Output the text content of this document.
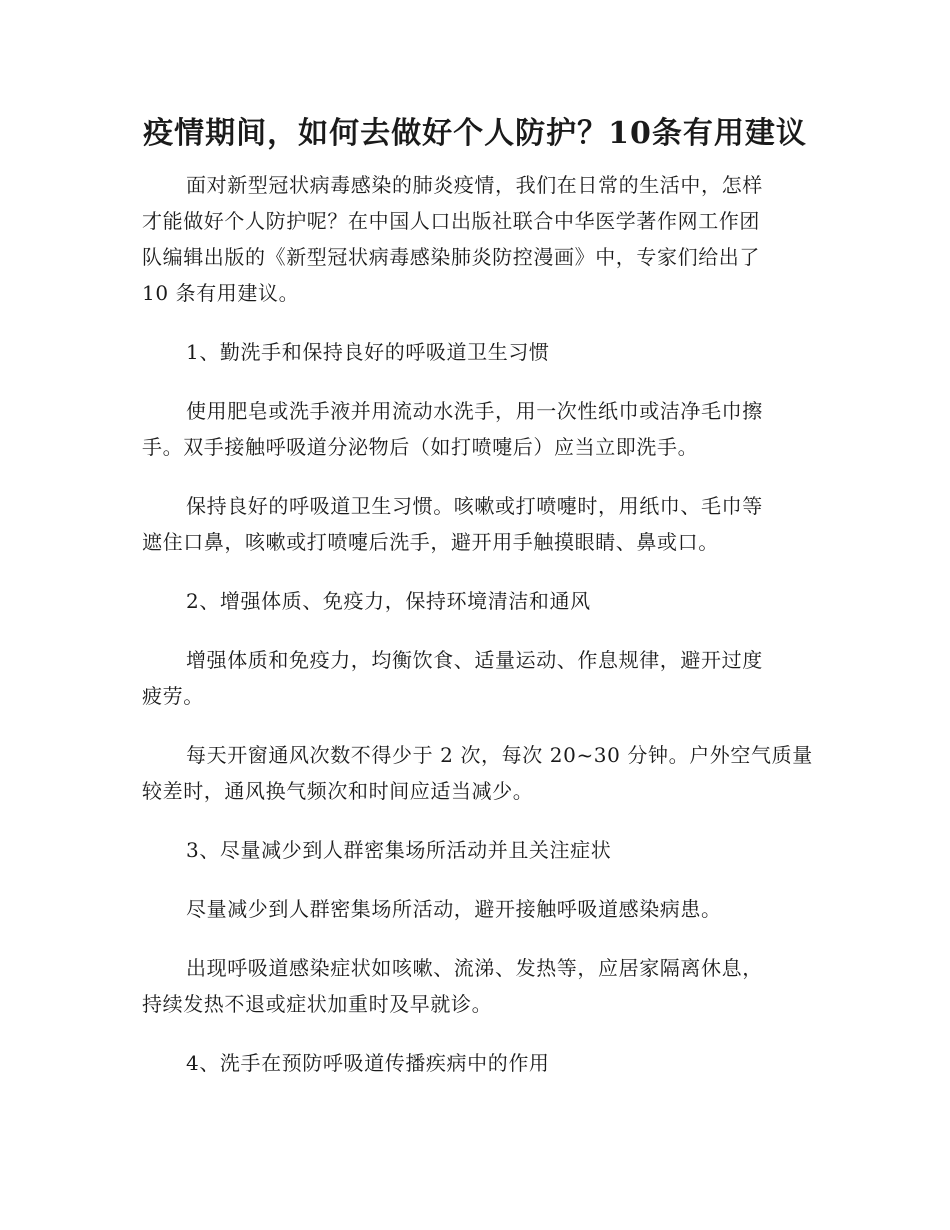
疫情期间，如何去做好个人防护？10条有用建议
面对新型冠状病毒感染的肺炎疫情，我们在日常的生活中，怎样
才能做好个人防护呢？在中国人口出版社联合中华医学著作网工作团
队编辑出版的《新型冠状病毒感染肺炎防控漫画》中，专家们给出了
10 条有用建议。
1、勤洗手和保持良好的呼吸道卫生习惯
使用肥皂或洗手液并用流动水洗手，用一次性纸巾或洁净毛巾擦
手。双手接触呼吸道分泌物后（如打喷嚏后）应当立即洗手。
保持良好的呼吸道卫生习惯。咳嗽或打喷嚏时，用纸巾、毛巾等
遮住口鼻，咳嗽或打喷嚏后洗手，避开用手触摸眼睛、鼻或口。
2、增强体质、免疫力，保持环境清洁和通风
增强体质和免疫力，均衡饮食、适量运动、作息规律，避开过度
疲劳。
每天开窗通风次数不得少于 2 次，每次 20~30 分钟。户外空气质量
较差时，通风换气频次和时间应适当减少。
3、尽量减少到人群密集场所活动并且关注症状
尽量减少到人群密集场所活动，避开接触呼吸道感染病患。
出现呼吸道感染症状如咳嗽、流涕、发热等，应居家隔离休息，
持续发热不退或症状加重时及早就诊。
4、洗手在预防呼吸道传播疾病中的作用
